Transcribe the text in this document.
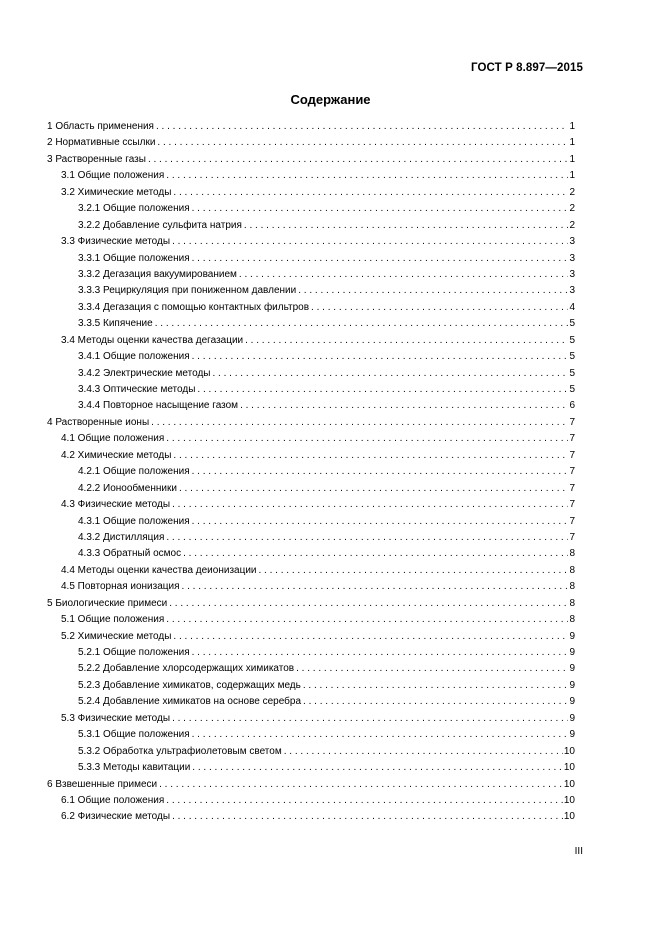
ГОСТ Р 8.897—2015
Содержание
1 Область применения . . .	1
2 Нормативные ссылки . . .	1
3 Растворенные газы . . .	1
3.1 Общие положения . . .	1
3.2 Химические методы . . .	2
3.2.1 Общие положения . . .	2
3.2.2 Добавление сульфита натрия . . .	2
3.3 Физические методы . . .	3
3.3.1 Общие положения . . .	3
3.3.2 Дегазация вакуумированием . . .	3
3.3.3 Рециркуляция при пониженном давлении . . .	3
3.3.4 Дегазация с помощью контактных фильтров . . .	4
3.3.5 Кипячение . . .	5
3.4 Методы оценки качества дегазации . . .	5
3.4.1 Общие положения . . .	5
3.4.2 Электрические методы . . .	5
3.4.3 Оптические методы . . .	5
3.4.4 Повторное насыщение газом . . .	6
4 Растворенные ионы . . .	7
4.1 Общие положения . . .	7
4.2 Химические методы . . .	7
4.2.1 Общие положения . . .	7
4.2.2 Ионообменники . . .	7
4.3 Физические методы . . .	7
4.3.1 Общие положения . . .	7
4.3.2 Дистилляция . . .	7
4.3.3 Обратный осмос . . .	8
4.4 Методы оценки качества деионизации . . .	8
4.5 Повторная ионизация . . .	8
5 Биологические примеси . . .	8
5.1 Общие положения . . .	8
5.2 Химические методы . . .	9
5.2.1 Общие положения . . .	9
5.2.2 Добавление хлорсодержащих химикатов . . .	9
5.2.3 Добавление химикатов, содержащих медь . . .	9
5.2.4 Добавление химикатов на основе серебра . . .	9
5.3 Физические методы . . .	9
5.3.1 Общие положения . . .	9
5.3.2 Обработка ультрафиолетовым светом . . .	10
5.3.3 Методы кавитации . . .	10
6 Взвешенные примеси . . .	10
6.1 Общие положения . . .	10
6.2 Физические методы . . .	10
III
